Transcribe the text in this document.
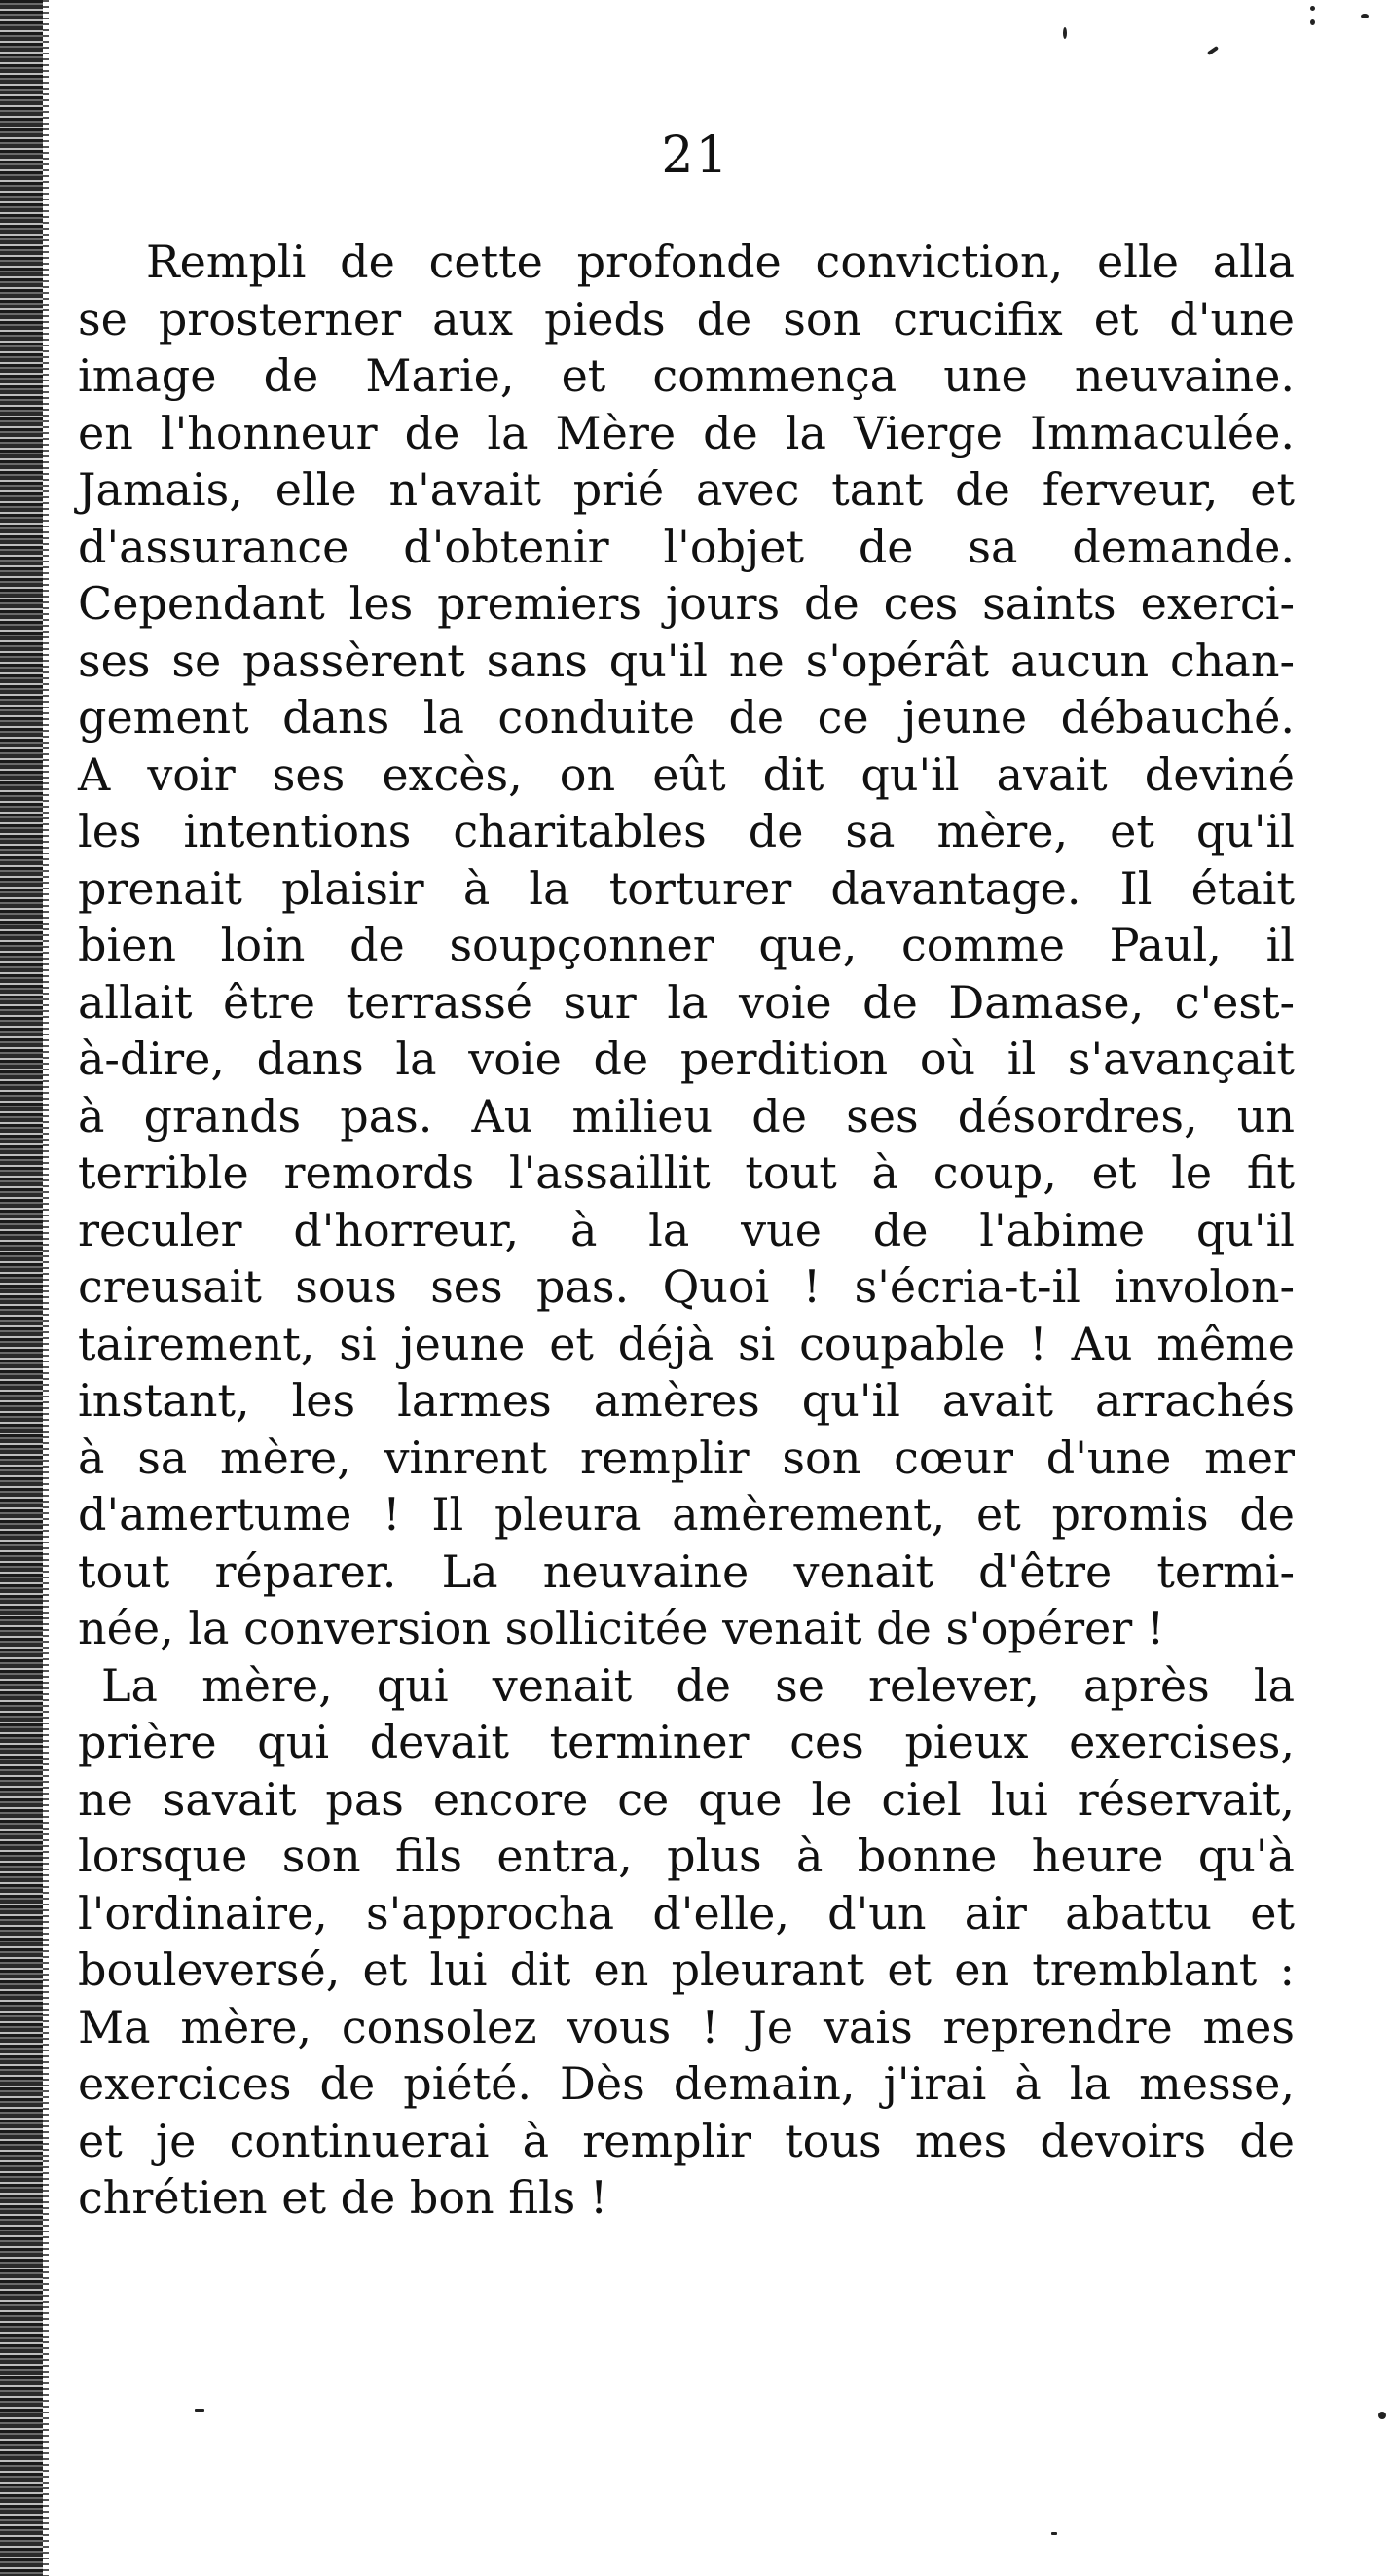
21
Rempli de cette profonde conviction, elle alla
se prosterner aux pieds de son crucifix et d'une
image de Marie, et commença une neuvaine.
en l'honneur de la Mère de la Vierge Immaculée.
Jamais, elle n'avait prié avec tant de ferveur, et
d'assurance d'obtenir l'objet de sa demande.
Cependant les premiers jours de ces saints exerci-
ses se passèrent sans qu'il ne s'opérât aucun chan-
gement dans la conduite de ce jeune débauché.
A voir ses excès, on eût dit qu'il avait deviné
les intentions charitables de sa mère, et qu'il
prenait plaisir à la torturer davantage. Il était
bien loin de soupçonner que, comme Paul, il
allait être terrassé sur la voie de Damase, c'est-
à-dire, dans la voie de perdition où il s'avançait
à grands pas. Au milieu de ses désordres, un
terrible remords l'assaillit tout à coup, et le fit
reculer d'horreur, à la vue de l'abime qu'il
creusait sous ses pas. Quoi ! s'écria-t-il involon-
tairement, si jeune et déjà si coupable ! Au même
instant, les larmes amères qu'il avait arrachés
à sa mère, vinrent remplir son cœur d'une mer
d'amertume ! Il pleura amèrement, et promis de
tout réparer. La neuvaine venait d'être termi-
née, la conversion sollicitée venait de s'opérer !
La mère, qui venait de se relever, après la
prière qui devait terminer ces pieux exercises,
ne savait pas encore ce que le ciel lui réservait,
lorsque son fils entra, plus à bonne heure qu'à
l'ordinaire, s'approcha d'elle, d'un air abattu et
bouleversé, et lui dit en pleurant et en tremblant :
Ma mère, consolez vous ! Je vais reprendre mes
exercices de piété. Dès demain, j'irai à la messe,
et je continuerai à remplir tous mes devoirs de
chrétien et de bon fils !
